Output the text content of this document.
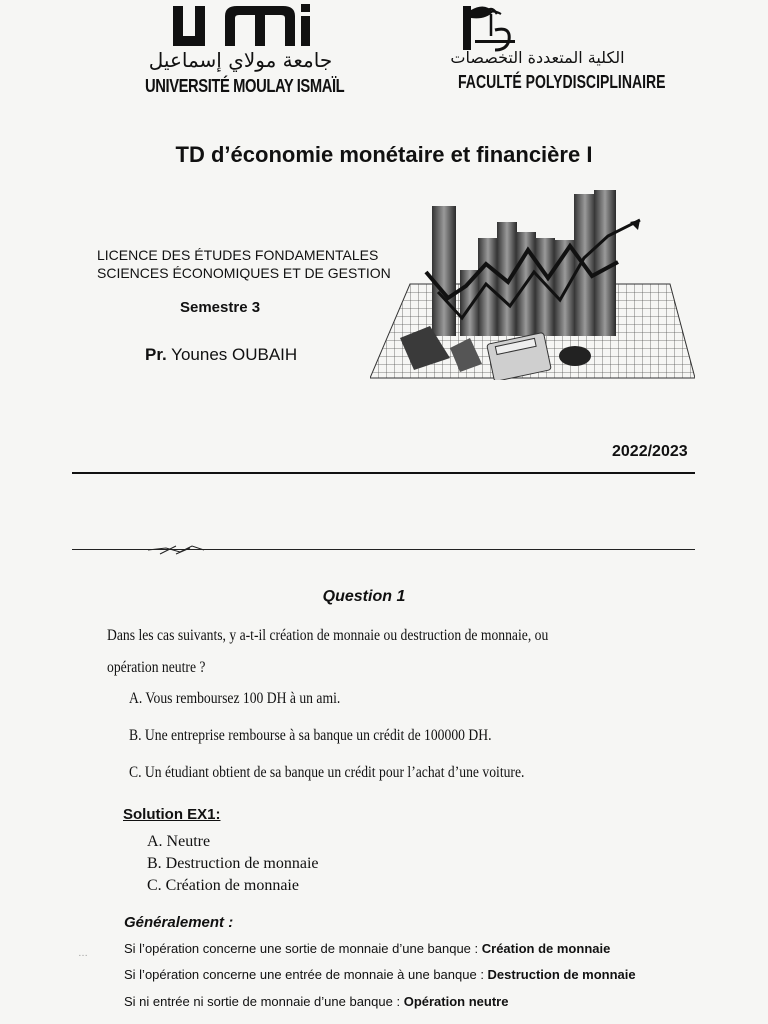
جامعة مولاي إسماعيل
UNIVERSITÉ MOULAY ISMAÏL
الكلية المتعددة التخصصات
FACULTÉ POLYDISCIPLINAIRE
TD d’économie monétaire et financière I
LICENCE DES ÉTUDES FONDAMENTALES
SCIENCES ÉCONOMIQUES ET DE GESTION
Semestre 3
Pr. Younes OUBAIH
2022/2023
Question 1
Dans les cas suivants, y a-t-il création de monnaie ou destruction de monnaie, ou opération neutre ?
A. Vous remboursez 100 DH à un ami.
B. Une entreprise rembourse à sa banque un crédit de 100000 DH.
C. Un étudiant obtient de sa banque un crédit pour l’achat d’une voiture.
Solution EX1:
A. Neutre
B. Destruction de monnaie
C. Création de monnaie
Généralement :
…	Si l’opération concerne une sortie de monnaie d’une banque : Création de monnaie
Si l’opération concerne une entrée de monnaie à une banque : Destruction de monnaie
Si ni entrée ni sortie de monnaie d’une banque : Opération neutre
